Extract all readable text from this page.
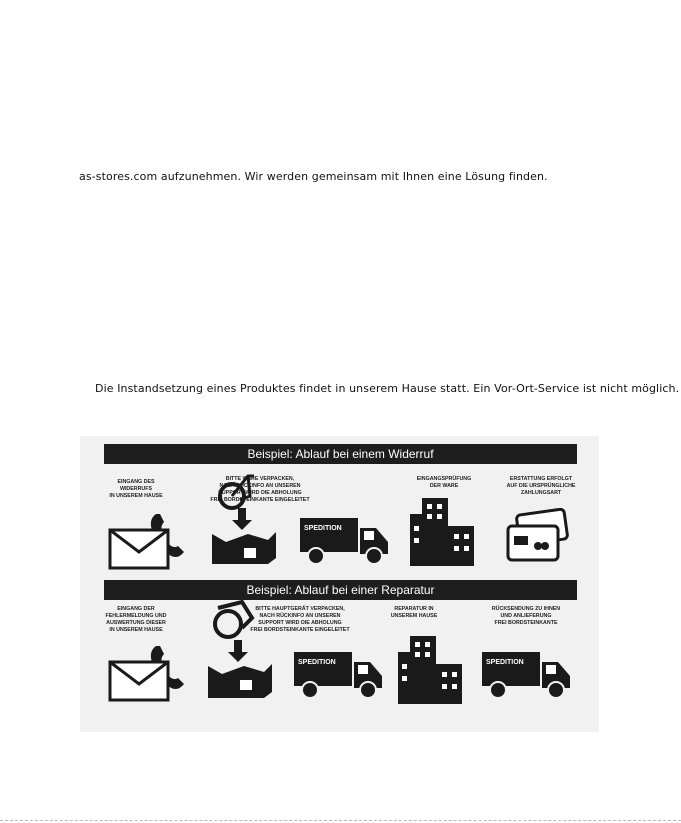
as-stores.com aufzunehmen. Wir werden gemeinsam mit Ihnen eine Lösung finden.
Die Instandsetzung eines Produktes findet in unserem Hause statt. Ein Vor-Ort-Service ist nicht möglich.
Beispiel: Ablauf bei einem Widerruf
EINGANG DES
WIDERRUFS
IN UNSEREM HAUSE
BITTE WARE VERPACKEN,
NACH RÜCKINFO AN UNSEREN
SUPPORT WIRD DIE ABHOLUNG
FREI BORDSTEINKANTE EINGELEITET
EINGANGSPRÜFUNG
DER WARE
ERSTATTUNG ERFOLGT
AUF DIE URSPRÜNGLICHE
ZAHLUNGSART
SPEDITION
Beispiel: Ablauf bei einer Reparatur
EINGANG DER
FEHLERMELDUNG UND
AUSWERTUNG DIESER
IN UNSEREM HAUSE
BITTE HAUPTGERÄT VERPACKEN,
NACH RÜCKINFO AN UNSEREN
SUPPORT WIRD DIE ABHOLUNG
FREI BORDSTEINKANTE EINGELEITET
REPARATUR IN
UNSEREM HAUSE
RÜCKSENDUNG ZU IHNEN
UND ANLIEFERUNG
FREI BORDSTEINKANTE
SPEDITION	SPEDITION
